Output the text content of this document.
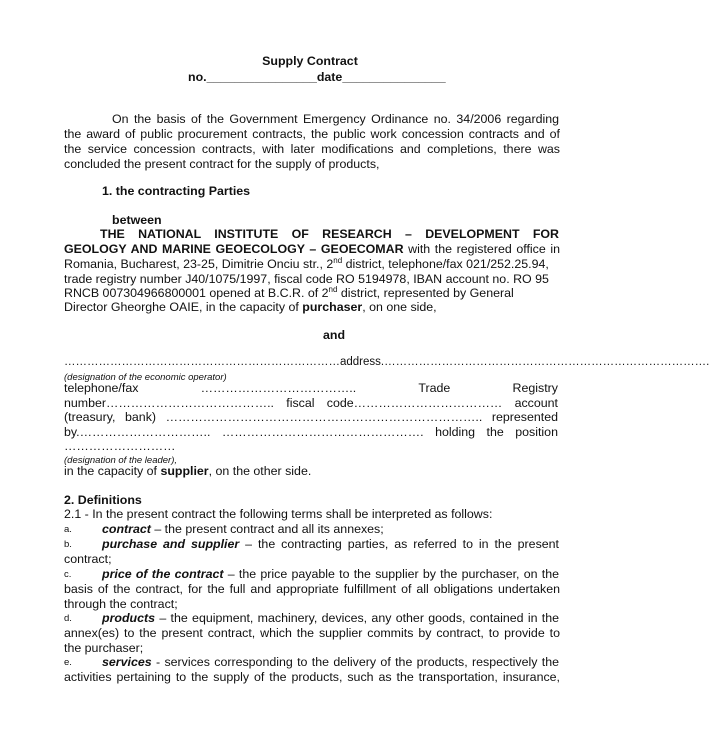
Supply Contract
no.________________date_______________
On the basis of the Government Emergency Ordinance no. 34/2006 regarding
the award of public procurement contracts, the public work concession contracts and of
the service concession contracts, with later modifications and completions, there was
concluded the present contract for the supply of products,
1. the contracting Parties
between
THE NATIONAL INSTITUTE OF RESEARCH – DEVELOPMENT FOR
GEOLOGY AND MARINE GEOECOLOGY – GEOECOMAR with the registered office in
Romania, Bucharest, 23-25, Dimitrie Onciu str., 2nd district, telephone/fax 021/252.25.94,
trade registry number J40/1075/1997, fiscal code RO 5194978, IBAN account no. RO 95
RNCB 007304966800001 opened at B.C.R. of 2nd district, represented by General
Director Gheorghe OAIE, in the capacity of purchaser, on one side,
and
………………………………………………………………address.………………………………………………………………………….
(designation of the economic operator)
telephone/fax	………………………………..	Trade	Registry
number………………………………….. fiscal code……………………………… account
(treasury, bank) ………………………………………………………………….. represented
by.………………………….. …………………………………………. holding the position
………………………
(designation of the leader),
in the capacity of supplier, on the other side.
2. Definitions
2.1 - In the present contract the following terms shall be interpreted as follows:
a. contract – the present contract and all its annexes;
b. purchase and supplier – the contracting parties, as referred to in the present
contract;
c. price of the contract – the price payable to the supplier by the purchaser, on the
basis of the contract, for the full and appropriate fulfillment of all obligations undertaken
through the contract;
d. products – the equipment, machinery, devices, any other goods, contained in the
annex(es) to the present contract, which the supplier commits by contract, to provide to
the purchaser;
e. services - services corresponding to the delivery of the products, respectively the
activities pertaining to the supply of the products, such as the transportation, insurance,
